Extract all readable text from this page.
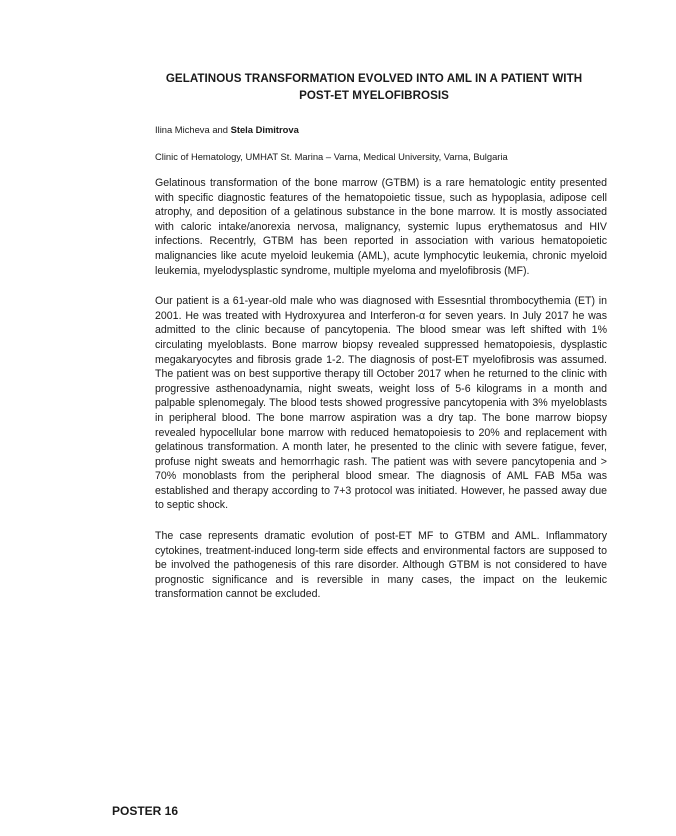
GELATINOUS TRANSFORMATION EVOLVED INTO AML IN A PATIENT WITH POST-ET MYELOFIBROSIS
Ilina Micheva and Stela Dimitrova
Clinic of Hematology, UMHAT St. Marina – Varna, Medical University, Varna, Bulgaria

Gelatinous transformation of the bone marrow (GTBM) is a rare hematologic entity presented with specific diagnostic features of the hematopoietic tissue, such as hypoplasia, adipose cell atrophy, and deposition of a gelatinous substance in the bone marrow. It is mostly associated with caloric intake/anorexia nervosa, malignancy, systemic lupus erythematosus and HIV infections. Recentrly, GTBM has been reported in association with various hematopoietic malignancies like acute myeloid leukemia (AML), acute lymphocytic leukemia, chronic myeloid leukemia, myelodysplastic syndrome, multiple myeloma and myelofibrosis (MF).

Our patient is a 61-year-old male who was diagnosed with Essesntial thrombocythemia (ET) in 2001. He was treated with Hydroxyurea and Interferon-α for seven years. In July 2017 he was admitted to the clinic because of pancytopenia. The blood smear was left shifted with 1% circulating myeloblasts. Bone marrow biopsy revealed suppressed hematopoiesis, dysplastic megakaryocytes and fibrosis grade 1-2. The diagnosis of post-ET myelofibrosis was assumed. The patient was on best supportive therapy till October 2017 when he returned to the clinic with progressive asthenoadynamia, night sweats, weight loss of 5-6 kilograms in a month and palpable splenomegaly. The blood tests showed progressive pancytopenia with 3% myeloblasts in peripheral blood. The bone marrow aspiration was a dry tap. The bone marrow biopsy revealed hypocellular bone marrow with reduced hematopoiesis to 20% and replacement with gelatinous transformation. A month later, he presented to the clinic with severe fatigue, fever, profuse night sweats and hemorrhagic rash. The patient was with severe pancytopenia and > 70% monoblasts from the peripheral blood smear. The diagnosis of AML FAB M5a was established and therapy according to 7+3 protocol was initiated. However, he passed away due to septic shock.

The case represents dramatic evolution of post-ET MF to GTBM and AML. Inflammatory cytokines, treatment-induced long-term side effects and environmental factors are supposed to be involved the pathogenesis of this rare disorder. Although GTBM is not considered to have prognostic significance and is reversible in many cases, the impact on the leukemic transformation cannot be excluded.

POSTER 16
